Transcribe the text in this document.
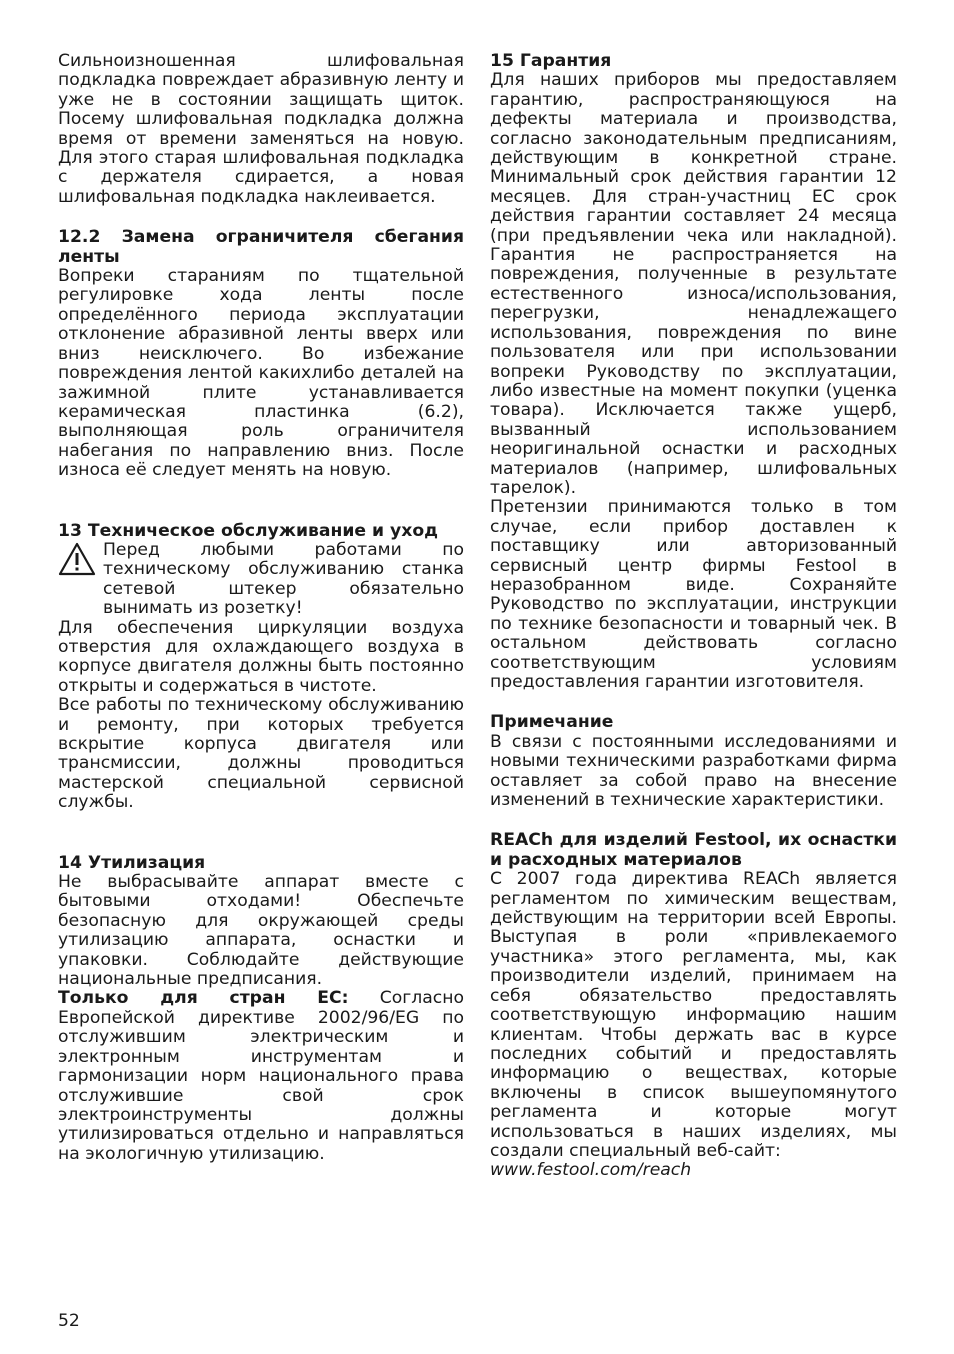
Сильноизношенная шлифовальная подкладка повреждает абразивную ленту и уже не в состоянии защищать щиток. Посему шлифовальная подкладка должна время от времени заменяться на новую. Для этого старая шлифовальная подкладка с держателя сдирается, а новая шлифовальная подкладка наклеивается.

12.2 Замена ограничителя сбегания ленты

Вопреки стараниям по тщательной регулировке хода ленты после определённого периода эксплуатации отклонение абразивной ленты вверх или вниз неисключего. Во избежание повреждения лентой какихлибо деталей на зажимной плите устанавливается керамическая пластинка (6.2), выполняющая роль ограничителя набегания по направлению вниз. После износа её следует менять на новую.

13 Техническое обслуживание и уход

Перед любыми работами по техническому обслуживанию станка сетевой штекер обязательно вынимать из розетку!

Для обеспечения циркуляции воздуха отверстия для охлаждающего воздуха в корпусе двигателя должны быть постоянно открыты и содержаться в чистоте.

Все работы по техническому обслуживанию и ремонту, при которых требуется вскрытие корпуса двигателя или трансмиссии, должны проводиться мастерской специальной сервисной службы.

14 Утилизация

Не выбрасывайте аппарат вместе с бытовыми отходами! Обеспечьте безопасную для окружающей среды утилизацию аппарата, оснастки и упаковки. Соблюдайте действующие национальные предписания.

Только для стран ЕС: Согласно Европейской директиве 2002/96/EG по отслужившим электрическим и электронным инструментам и гармонизации норм национального права отслужившие свой срок электроинструменты должны утилизироваться отдельно и направляться на экологичную утилизацию.

15 Гарантия

Для наших приборов мы предоставляем гарантию, распространяющуюся на дефекты материала и производства, согласно законодательным предписаниям, действующим в конкретной стране. Минимальный срок действия гарантии 12 месяцев. Для стран-участниц ЕС срок действия гарантии составляет 24 месяца (при предъявлении чека или накладной). Гарантия не распространяется на повреждения, полученные в результате естественного износа/использования, перегрузки, ненадлежащего использования, повреждения по вине пользователя или при использовании вопреки Руководству по эксплуатации, либо известные на момент покупки (уценка товара). Исключается также ущерб, вызванный использованием неоригинальной оснастки и расходных материалов (например, шлифовальных тарелок).

Претензии принимаются только в том случае, если прибор доставлен к поставщику или авторизованный сервисный центр фирмы Festool в неразобранном виде. Сохраняйте Руководство по эксплуатации, инструкции по технике безопасности и товарный чек. В остальном действовать согласно соответствующим условиям предоставления гарантии изготовителя.

Примечание

В связи с постоянными исследованиями и новыми техническими разработками фирма оставляет за собой право на внесение изменений в технические характеристики.

REACh для изделий Festool, их оснастки и расходных материалов

С 2007 года директива REACh является регламентом по химическим веществам, действующим на территории всей Европы. Выступая в роли «привлекаемого участника» этого регламента, мы, как производители изделий, принимаем на себя обязательство предоставлять соответствующую информацию нашим клиентам. Чтобы держать вас в курсе последних событий и предоставлять информацию о веществах, которые включены в список вышеупомянутого регламента и которые могут использоваться в наших изделиях, мы создали специальный веб-сайт:

www.festool.com/reach

52
